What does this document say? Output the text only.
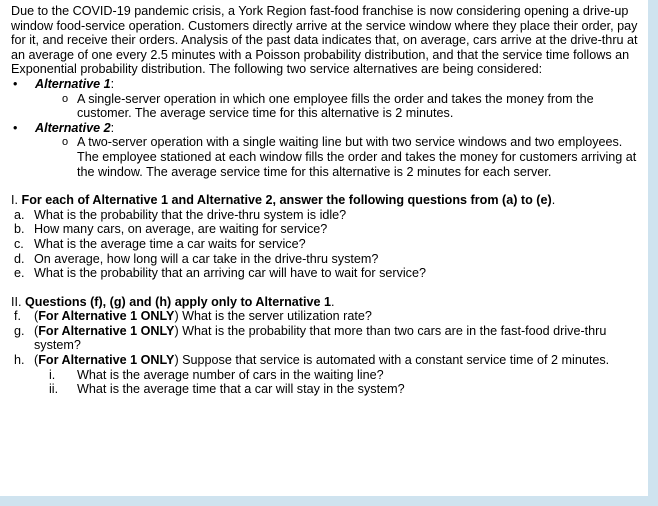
Due to the COVID-19 pandemic crisis, a York Region fast-food franchise is now considering opening a drive-up window food-service operation. Customers directly arrive at the service window where they place their order, pay for it, and receive their orders. Analysis of the past data indicates that, on average, cars arrive at the drive-thru at an average of one every 2.5 minutes with a Poisson probability distribution, and that the service time follows an Exponential probability distribution. The following two service alternatives are being considered:

• Alternative 1:
o A single-server operation in which one employee fills the order and takes the money from the customer. The average service time for this alternative is 2 minutes.
• Alternative 2:
o A two-server operation with a single waiting line but with two service windows and two employees. The employee stationed at each window fills the order and takes the money for customers arriving at the window. The average service time for this alternative is 2 minutes for each server.

I. For each of Alternative 1 and Alternative 2, answer the following questions from (a) to (e).

a. What is the probability that the drive-thru system is idle?
b. How many cars, on average, are waiting for service?
c. What is the average time a car waits for service?
d. On average, how long will a car take in the drive-thru system?
e. What is the probability that an arriving car will have to wait for service?

II. Questions (f), (g) and (h) apply only to Alternative 1.

f. (For Alternative 1 ONLY) What is the server utilization rate?
g. (For Alternative 1 ONLY) What is the probability that more than two cars are in the fast-food drive-thru system?
h. (For Alternative 1 ONLY) Suppose that service is automated with a constant service time of 2 minutes.
i. What is the average number of cars in the waiting line?
ii. What is the average time that a car will stay in the system?
